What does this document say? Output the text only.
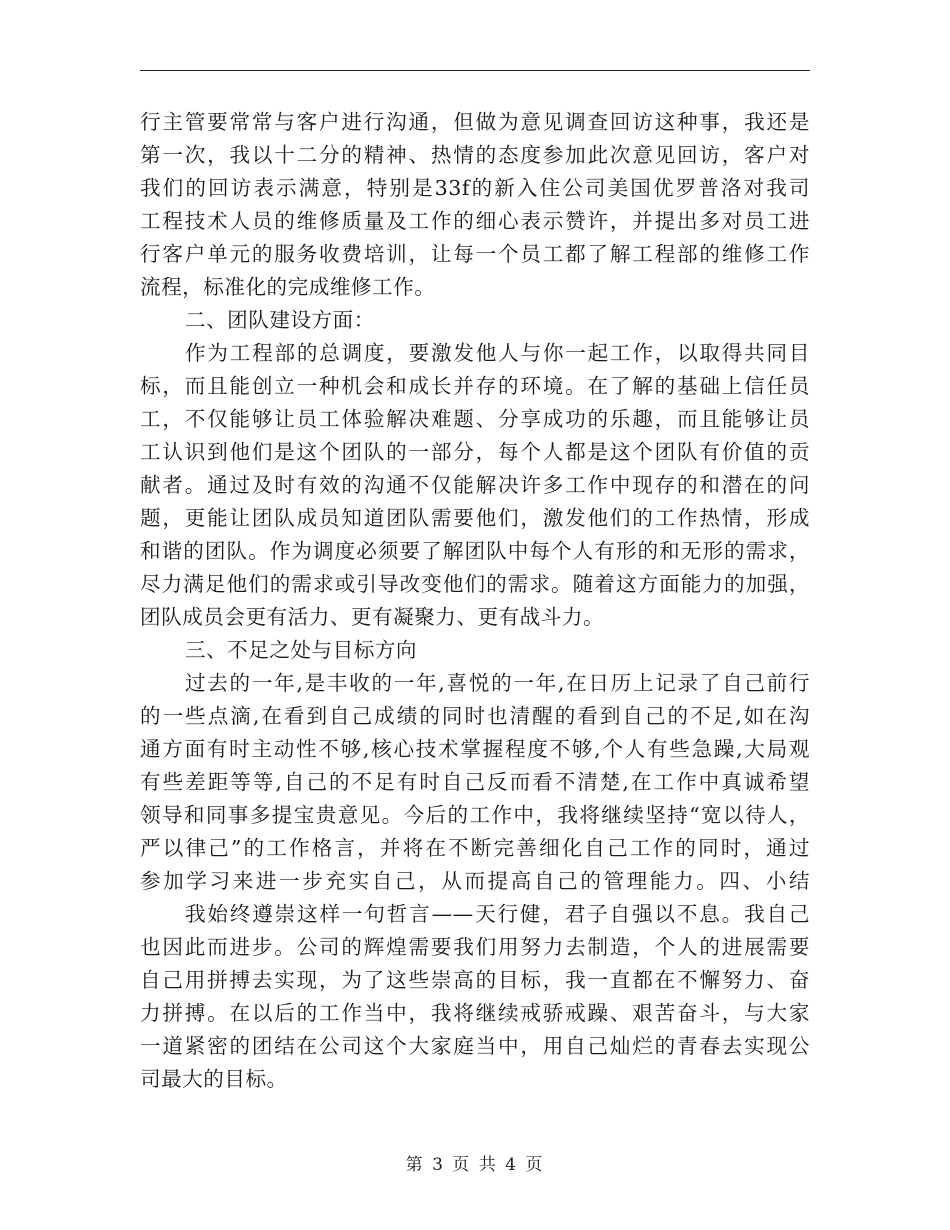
行主管要常常与客户进行沟通，但做为意见调查回访这种事，我还是
第一次，我以十二分的精神、热情的态度参加此次意见回访，客户对
我们的回访表示满意，特别是33f的新入住公司美国优罗普洛对我司
工程技术人员的维修质量及工作的细心表示赞许，并提出多对员工进
行客户单元的服务收费培训，让每一个员工都了解工程部的维修工作
流程，标准化的完成维修工作。
二、团队建设方面：
作为工程部的总调度，要激发他人与你一起工作，以取得共同目
标，而且能创立一种机会和成长并存的环境。在了解的基础上信任员
工，不仅能够让员工体验解决难题、分享成功的乐趣，而且能够让员
工认识到他们是这个团队的一部分，每个人都是这个团队有价值的贡
献者。通过及时有效的沟通不仅能解决许多工作中现存的和潜在的问
题，更能让团队成员知道团队需要他们，激发他们的工作热情，形成
和谐的团队。作为调度必须要了解团队中每个人有形的和无形的需求，
尽力满足他们的需求或引导改变他们的需求。随着这方面能力的加强，
团队成员会更有活力、更有凝聚力、更有战斗力。
三、不足之处与目标方向
过去的一年,是丰收的一年,喜悦的一年,在日历上记录了自己前行
的一些点滴,在看到自己成绩的同时也清醒的看到自己的不足,如在沟
通方面有时主动性不够,核心技术掌握程度不够,个人有些急躁,大局观
有些差距等等,自己的不足有时自己反而看不清楚,在工作中真诚希望
领导和同事多提宝贵意见。今后的工作中，我将继续坚持“宽以待人，
严以律己”的工作格言，并将在不断完善细化自己工作的同时，通过
参加学习来进一步充实自己，从而提高自己的管理能力。四、小结
我始终遵崇这样一句哲言——天行健，君子自强以不息。我自己
也因此而进步。公司的辉煌需要我们用努力去制造，个人的进展需要
自己用拼搏去实现，为了这些崇高的目标，我一直都在不懈努力、奋
力拼搏。在以后的工作当中，我将继续戒骄戒躁、艰苦奋斗，与大家
一道紧密的团结在公司这个大家庭当中，用自己灿烂的青春去实现公
司最大的目标。
第 3 页 共 4 页
